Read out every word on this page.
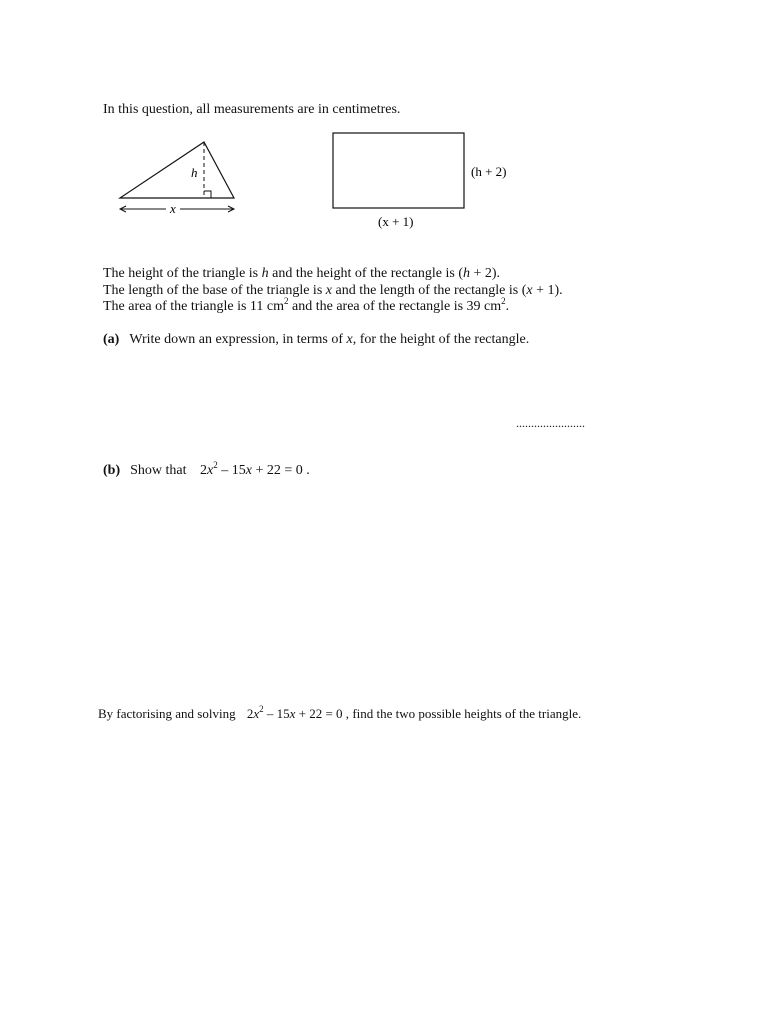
In this question, all measurements are in centimetres.
h
x
(h + 2)
(x + 1)
The height of the triangle is h and the height of the rectangle is (h + 2).
The length of the base of the triangle is x and the length of the rectangle is (x + 1).
The area of the triangle is 11 $cm^2$ and the area of the rectangle is 39 $cm^2$.
(a) Write down an expression, in terms of x, for the height of the rectangle.
.......................
(b) Show that $2x^2 - 15x + 22 = 0$ .
By factorising and solving $2x^2 - 15x + 22 = 0$ , find the two possible heights of the triangle.
